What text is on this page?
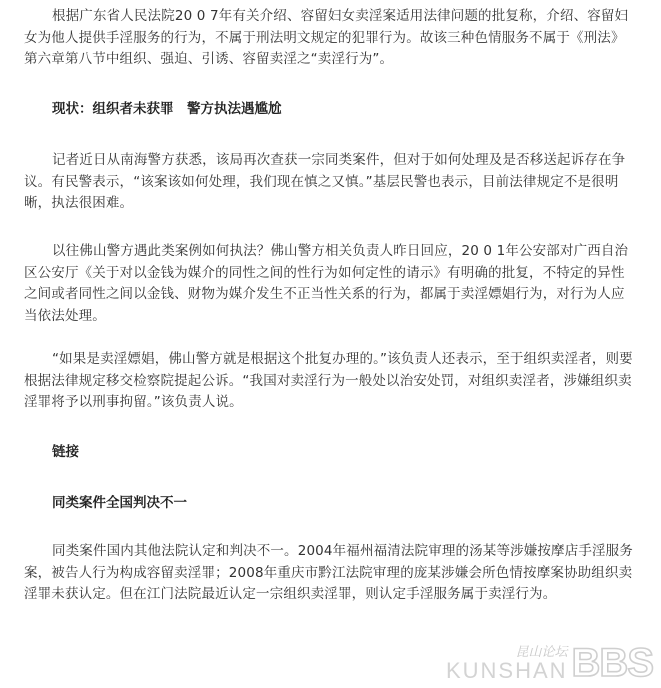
根据广东省人民法院20 0 7年有关介绍、容留妇女卖淫案适用法律问题的批复称，介绍、容留妇女为他人提供手淫服务的行为，不属于刑法明文规定的犯罪行为。故该三种色情服务不属于《刑法》第六章第八节中组织、强迫、引诱、容留卖淫之“卖淫行为”。

现状：组织者未获罪　警方执法遇尴尬

记者近日从南海警方获悉，该局再次查获一宗同类案件，但对于如何处理及是否移送起诉存在争议。有民警表示，“该案该如何处理，我们现在慎之又慎。”基层民警也表示，目前法律规定不是很明晰，执法很困难。

以往佛山警方遇此类案例如何执法？佛山警方相关负责人昨日回应，20 0 1年公安部对广西自治区公安厅《关于对以金钱为媒介的同性之间的性行为如何定性的请示》有明确的批复，不特定的异性之间或者同性之间以金钱、财物为媒介发生不正当性关系的行为，都属于卖淫嫖娼行为，对行为人应当依法处理。

“如果是卖淫嫖娼，佛山警方就是根据这个批复办理的。”该负责人还表示，至于组织卖淫者，则要根据法律规定移交检察院提起公诉。“我国对卖淫行为一般处以治安处罚，对组织卖淫者，涉嫌组织卖淫罪将予以刑事拘留。”该负责人说。

链接

同类案件全国判决不一

同类案件国内其他法院认定和判决不一。2004年福州福清法院审理的汤某等涉嫌按摩店手淫服务案，被告人行为构成容留卖淫罪；2008年重庆市黔江法院审理的庞某涉嫌会所色情按摩案协助组织卖淫罪未获认定。但在江门法院最近认定一宗组织卖淫罪，则认定手淫服务属于卖淫行为。

昆山论坛
KUNSHAN BBS
